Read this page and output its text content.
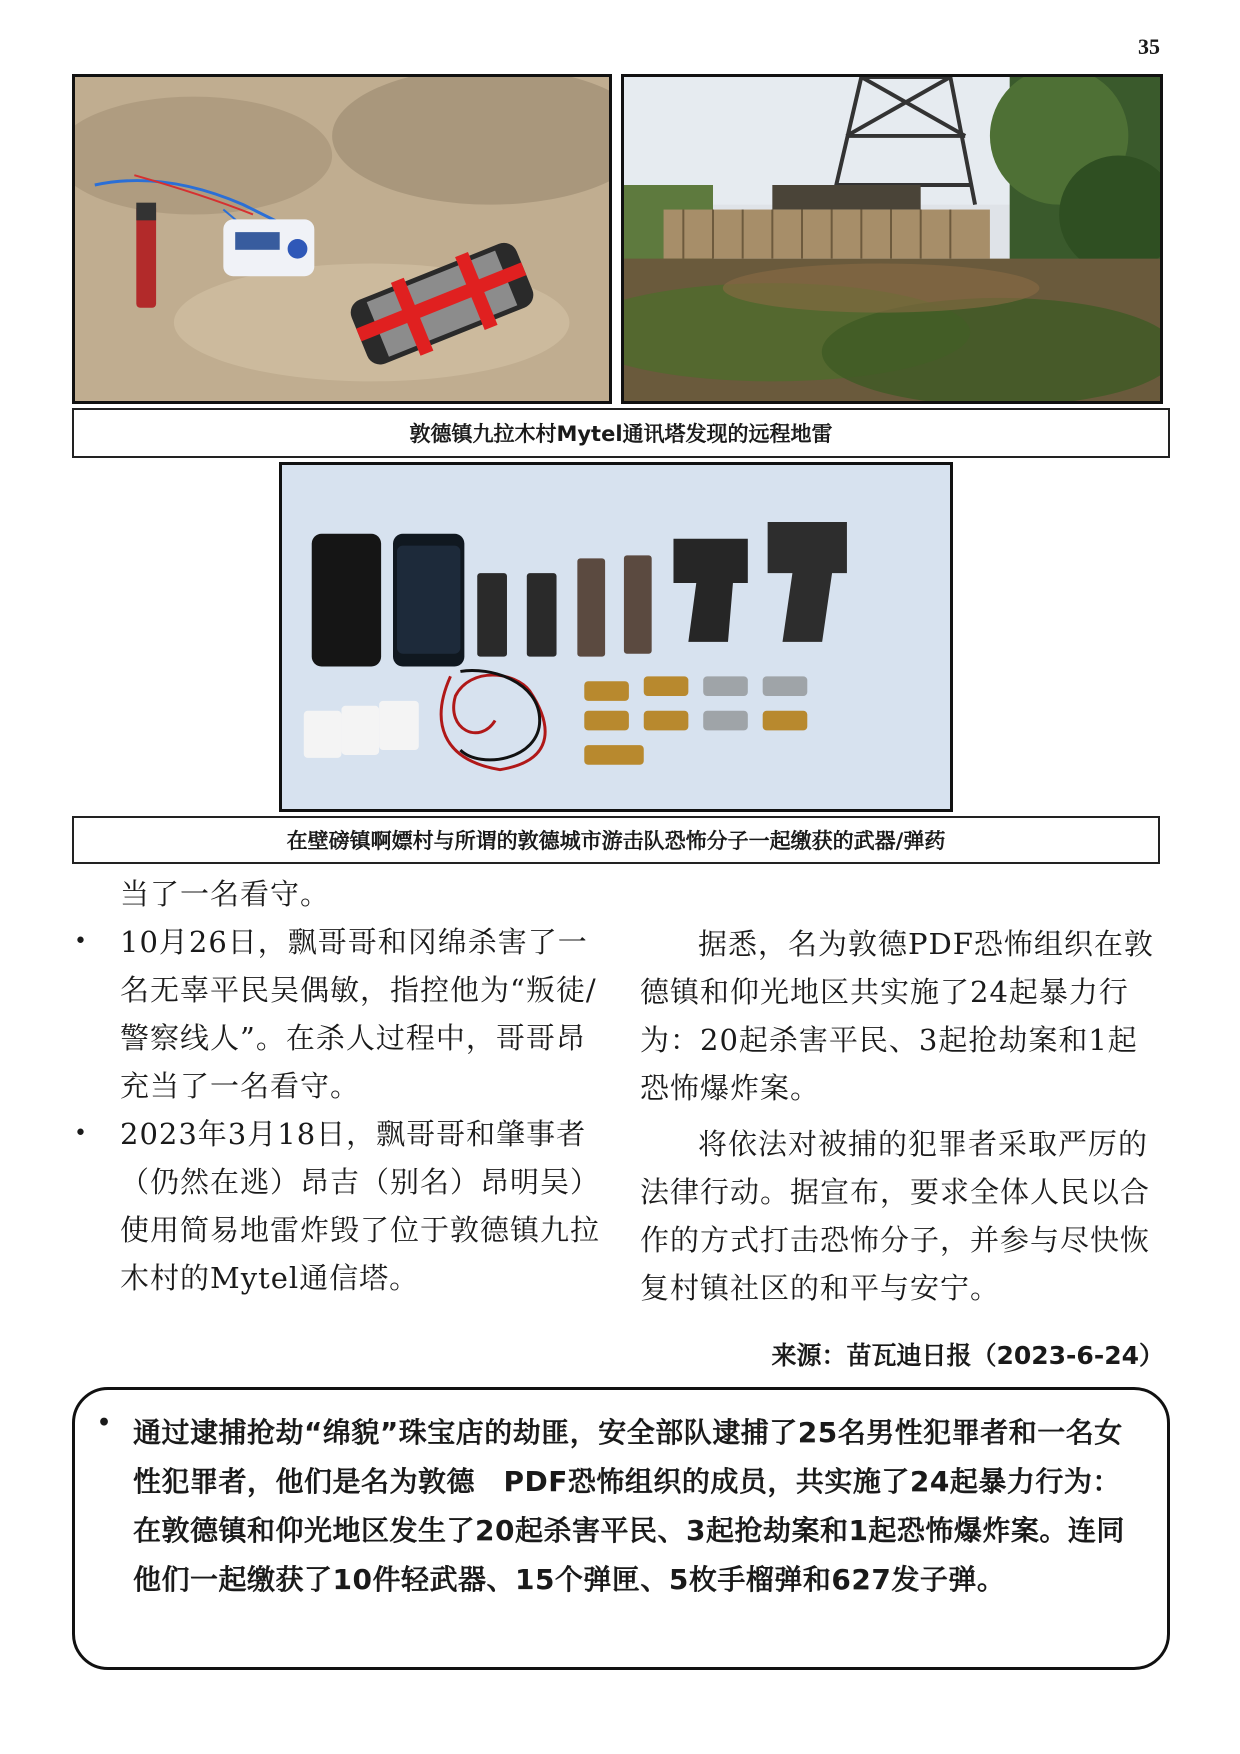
35
敦德镇九拉木村Mytel通讯塔发现的远程地雷
在壁磅镇啊嫖村与所谓的敦德城市游击队恐怖分子一起缴获的武器/弹药

当了一名看守。

• 10月26日，飘哥哥和冈绵杀害了一名无辜平民吴偶敏，指控他为“叛徒/警察线人”。在杀人过程中，哥哥昂充当了一名看守。
• 2023年3月18日，飘哥哥和肇事者（仍然在逃）昂吉（别名）昂明吴）使用简易地雷炸毁了位于敦德镇九拉木村的Mytel通信塔。

据悉，名为敦德PDF恐怖组织在敦德镇和仰光地区共实施了24起暴力行为：20起杀害平民、3起抢劫案和1起恐怖爆炸案。

将依法对被捕的犯罪者采取严厉的法律行动。据宣布，要求全体人民以合作的方式打击恐怖分子，并参与尽快恢复村镇社区的和平与安宁。

来源：苗瓦迪日报（2023-6-24）
• 通过逮捕抢劫“绵貌”珠宝店的劫匪，安全部队逮捕了25名男性犯罪者和一名女性犯罪者，他们是名为敦德　PDF恐怖组织的成员，共实施了24起暴力行为：在敦德镇和仰光地区发生了20起杀害平民、3起抢劫案和1起恐怖爆炸案。连同他们一起缴获了10件轻武器、15个弹匣、5枚手榴弹和627发子弹。
